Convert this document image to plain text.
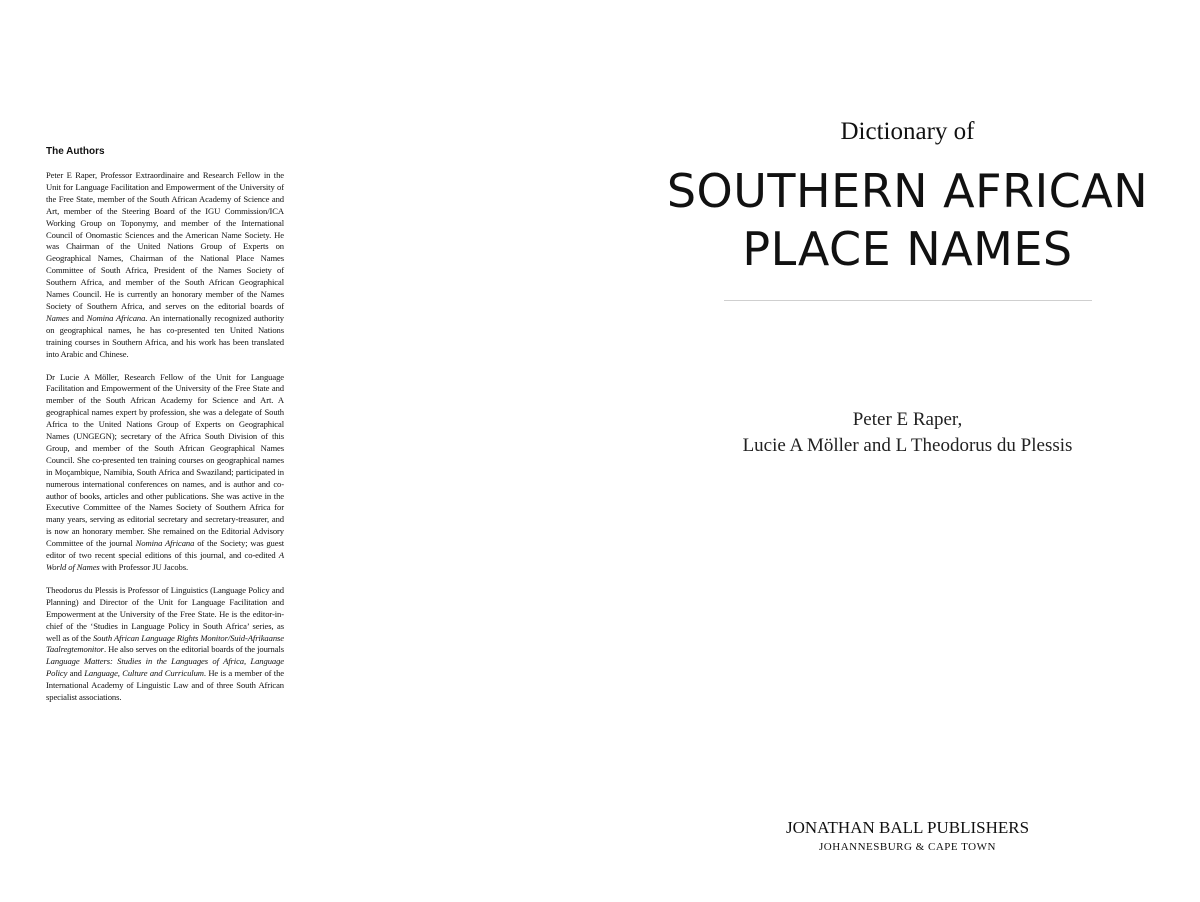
The Authors

Peter E Raper, Professor Extraordinaire and Research Fellow in the Unit for Language Facilitation and Empowerment of the University of the Free State, member of the South African Academy of Science and Art, member of the Steering Board of the IGU Commission/ICA Working Group on Toponymy, and member of the International Council of Onomastic Sciences and the American Name Society. He was Chairman of the United Nations Group of Experts on Geographical Names, Chairman of the National Place Names Committee of South Africa, President of the Names Society of Southern Africa, and member of the South African Geographical Names Council. He is currently an honorary member of the Names Society of Southern Africa, and serves on the editorial boards of Names and Nomina Africana. An internationally recognized authority on geographical names, he has co-presented ten United Nations training courses in Southern Africa, and his work has been translated into Arabic and Chinese.

Dr Lucie A Möller, Research Fellow of the Unit for Language Facilitation and Empowerment of the University of the Free State and member of the South African Academy for Science and Art. A geographical names expert by profession, she was a delegate of South Africa to the United Nations Group of Experts on Geographical Names (UNGEGN); secretary of the Africa South Division of this Group, and member of the South African Geographical Names Council. She co-presented ten training courses on geographical names in Moçambique, Namibia, South Africa and Swaziland; participated in numerous international conferences on names, and is author and co-author of books, articles and other publications. She was active in the Executive Committee of the Names Society of Southern Africa for many years, serving as editorial secretary and secretary-treasurer, and is now an honorary member. She remained on the Editorial Advisory Committee of the journal Nomina Africana of the Society; was guest editor of two recent special editions of this journal, and co-edited A World of Names with Professor JU Jacobs.

Theodorus du Plessis is Professor of Linguistics (Language Policy and Planning) and Director of the Unit for Language Facilitation and Empowerment at the University of the Free State. He is the editor-in-chief of the ‘Studies in Language Policy in South Africa’ series, as well as of the South African Language Rights Monitor/Suid-Afrikaanse Taalregtemonitor. He also serves on the editorial boards of the journals Language Matters: Studies in the Languages of Africa, Language Policy and Language, Culture and Curriculum. He is a member of the International Academy of Linguistic Law and of three South African specialist associations.

Dictionary of
SOUTHERN AFRICAN
PLACE NAMES
Peter E Raper,
Lucie A Möller and L Theodorus du Plessis
JONATHAN BALL PUBLISHERS
JOHANNESBURG & CAPE TOWN
